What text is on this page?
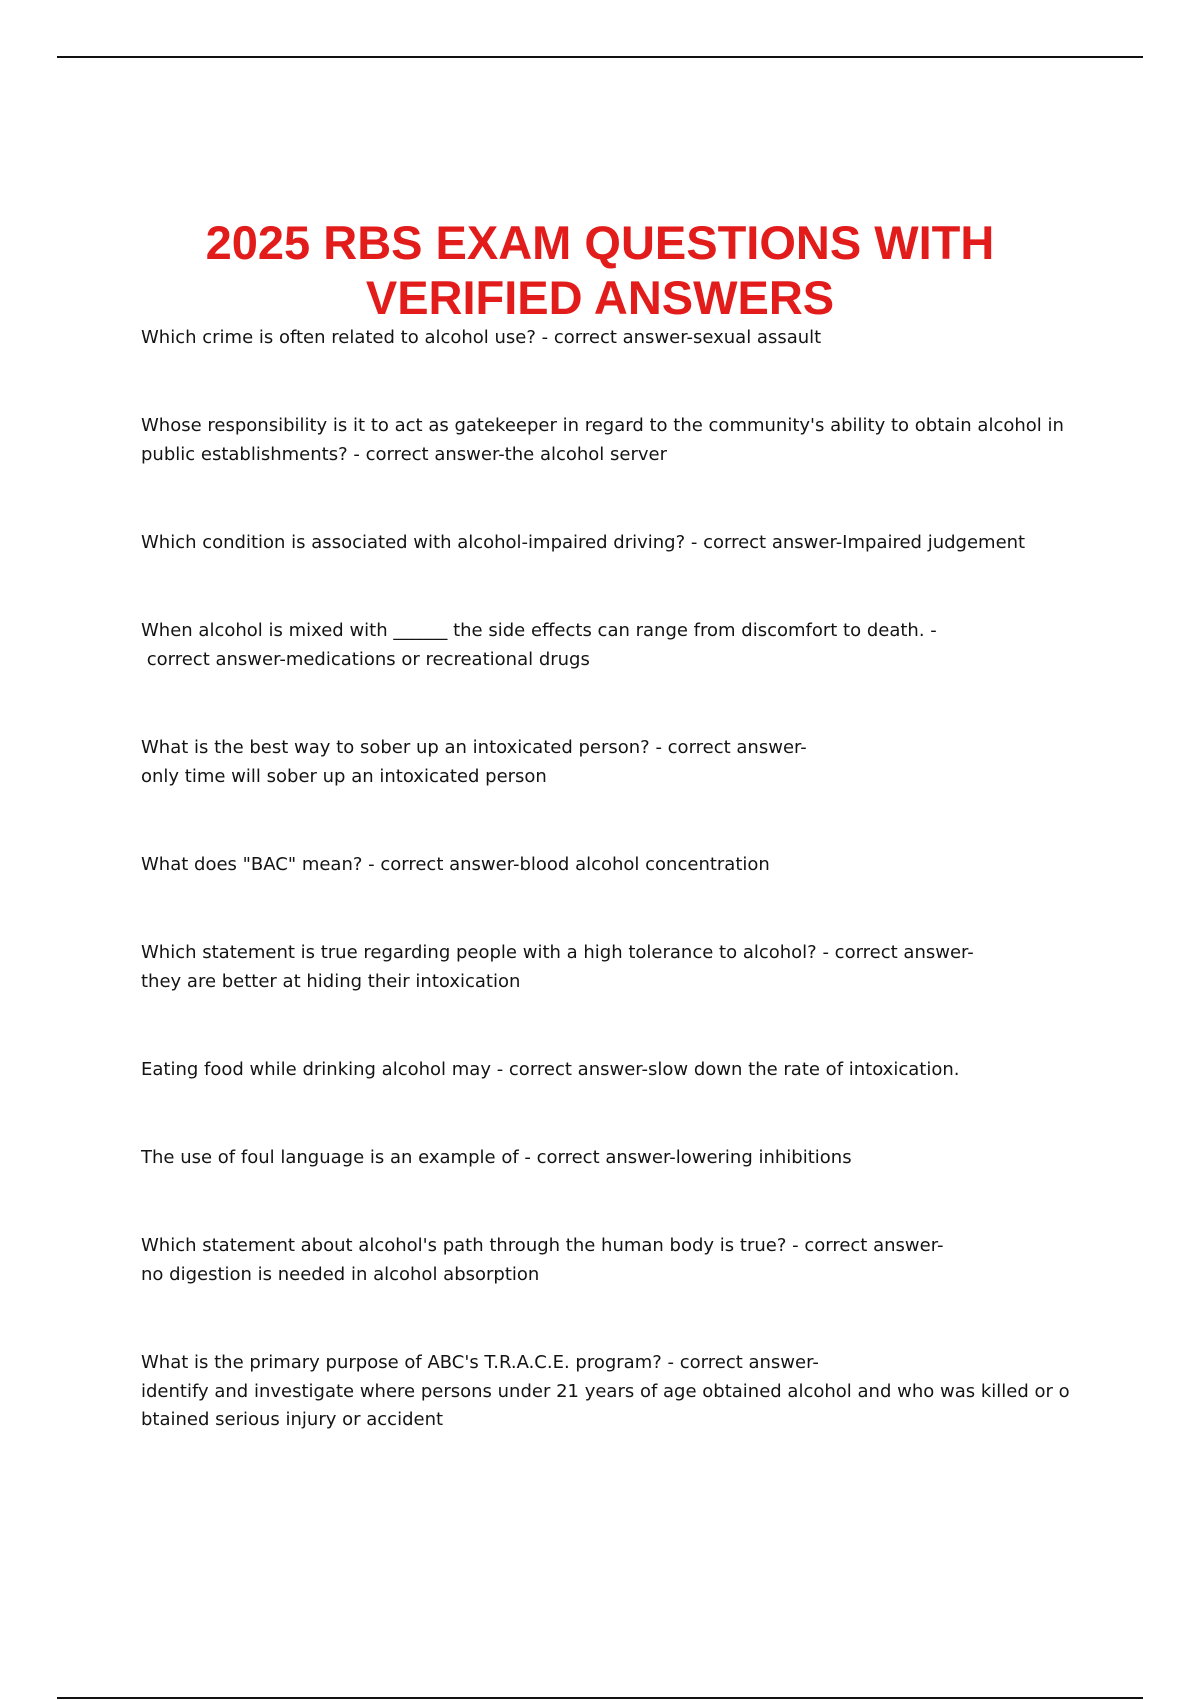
2025 RBS EXAM QUESTIONS WITH
VERIFIED ANSWERS
Which crime is often related to alcohol use? - correct answer-sexual assault
Whose responsibility is it to act as gatekeeper in regard to the community's ability to obtain alcohol in
public establishments? - correct answer-the alcohol server
Which condition is associated with alcohol-impaired driving? - correct answer-Impaired judgement
When alcohol is mixed with ______ the side effects can range from discomfort to death. -
correct answer-medications or recreational drugs
What is the best way to sober up an intoxicated person? - correct answer-
only time will sober up an intoxicated person
What does "BAC" mean? - correct answer-blood alcohol concentration
Which statement is true regarding people with a high tolerance to alcohol? - correct answer-
they are better at hiding their intoxication
Eating food while drinking alcohol may - correct answer-slow down the rate of intoxication.
The use of foul language is an example of - correct answer-lowering inhibitions
Which statement about alcohol's path through the human body is true? - correct answer-
no digestion is needed in alcohol absorption
What is the primary purpose of ABC's T.R.A.C.E. program? - correct answer-
identify and investigate where persons under 21 years of age obtained alcohol and who was killed or o
btained serious injury or accident
